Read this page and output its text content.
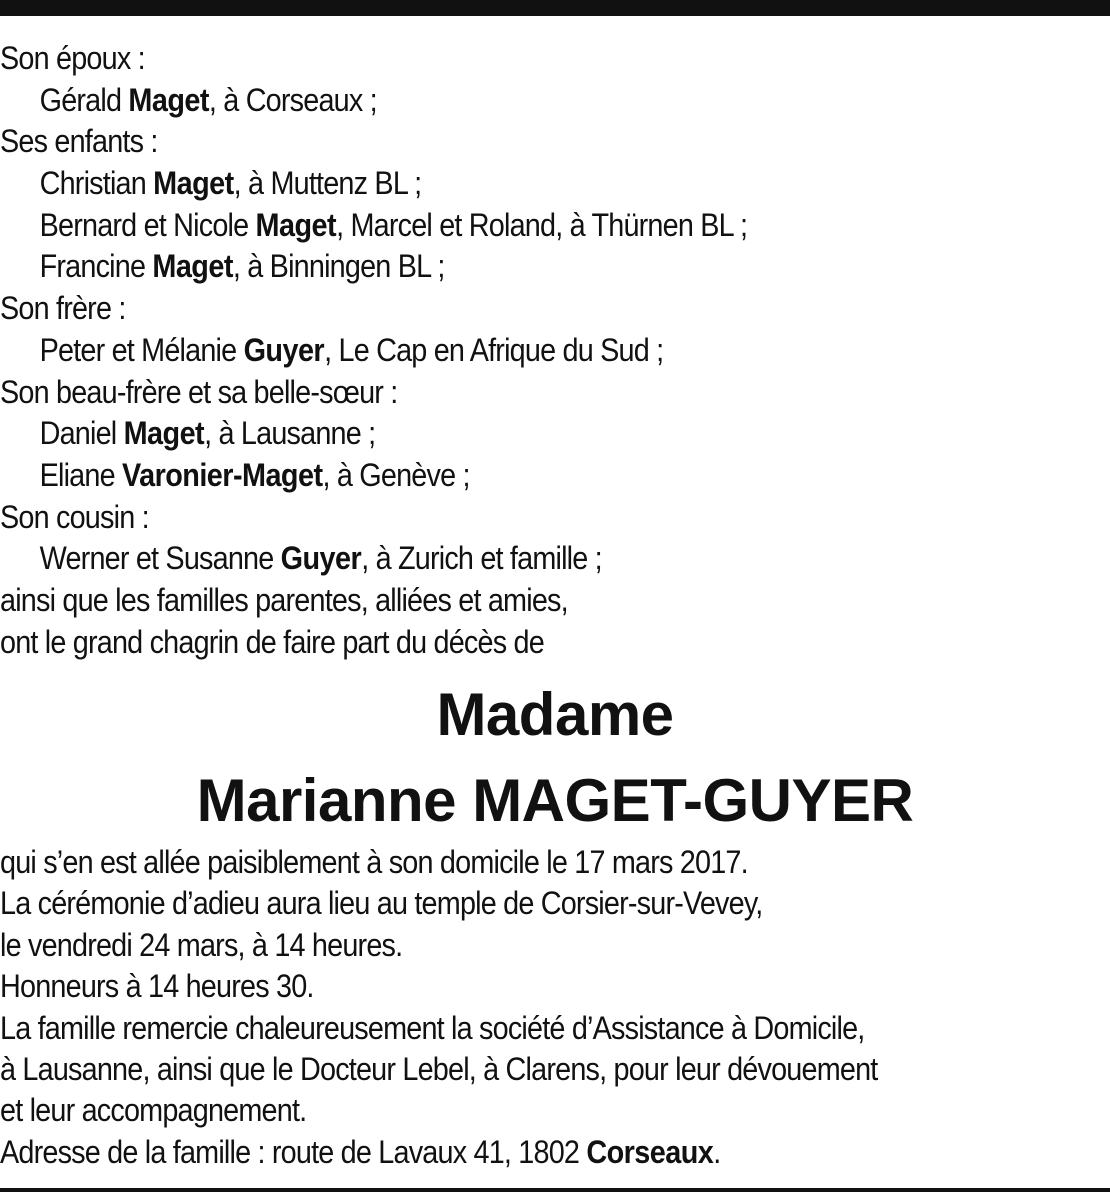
Son époux :
Gérald Maget, à Corseaux ;
Ses enfants :
Christian Maget, à Muttenz BL ;
Bernard et Nicole Maget, Marcel et Roland, à Thürnen BL ;
Francine Maget, à Binningen BL ;
Son frère :
Peter et Mélanie Guyer, Le Cap en Afrique du Sud ;
Son beau-frère et sa belle-sœur :
Daniel Maget, à Lausanne ;
Eliane Varonier-Maget, à Genève ;
Son cousin :
Werner et Susanne Guyer, à Zurich et famille ;
ainsi que les familles parentes, alliées et amies,
ont le grand chagrin de faire part du décès de
Madame
Marianne MAGET-GUYER
qui s’en est allée paisiblement à son domicile le 17 mars 2017.
La cérémonie d’adieu aura lieu au temple de Corsier-sur-Vevey,
le vendredi 24 mars, à 14 heures.
Honneurs à 14 heures 30.
La famille remercie chaleureusement la société d’Assistance à Domicile,
à Lausanne, ainsi que le Docteur Lebel, à Clarens, pour leur dévouement
et leur accompagnement.
Adresse de la famille : route de Lavaux 41, 1802 Corseaux.
